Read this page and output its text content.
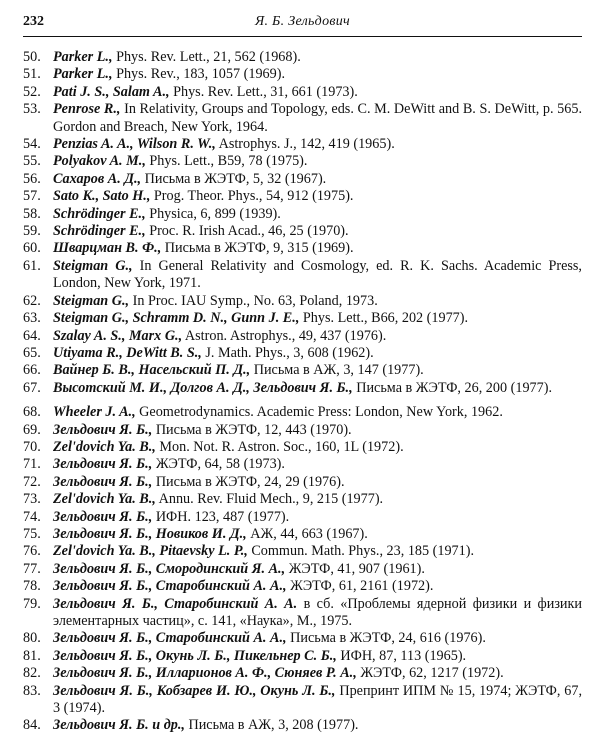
232	Я. Б. Зельдович
50. Parker L., Phys. Rev. Lett., 21, 562 (1968).
51. Parker L., Phys. Rev., 183, 1057 (1969).
52. Pati J. S., Salam A., Phys. Rev. Lett., 31, 661 (1973).
53. Penrose R., In Relativity, Groups and Topology, eds. C. M. DeWitt and B. S. DeWitt, p. 565. Gordon and Breach, New York, 1964.
54. Penzias A. A., Wilson R. W., Astrophys. J., 142, 419 (1965).
55. Polyakov A. M., Phys. Lett., B59, 78 (1975).
56. Сахаров А. Д., Письма в ЖЭТФ, 5, 32 (1967).
57. Sato K., Sato H., Prog. Theor. Phys., 54, 912 (1975).
58. Schrödinger E., Physica, 6, 899 (1939).
59. Schrödinger E., Proc. R. Irish Acad., 46, 25 (1970).
60. Шварцман В. Ф., Письма в ЖЭТФ, 9, 315 (1969).
61. Steigman G., In General Relativity and Cosmology, ed. R. K. Sachs. Academic Press, London, New York, 1971.
62. Steigman G., In Proc. IAU Symp., No. 63, Poland, 1973.
63. Steigman G., Schramm D. N., Gunn J. E., Phys. Lett., B66, 202 (1977).
64. Szalay A. S., Marx G., Astron. Astrophys., 49, 437 (1976).
65. Utiyama R., DeWitt B. S., J. Math. Phys., 3, 608 (1962).
66. Вайнер Б. В., Насельский П. Д., Письма в АЖ, 3, 147 (1977).
67. Высотский М. И., Долгов А. Д., Зельдович Я. Б., Письма в ЖЭТФ, 26, 200 (1977).
68. Wheeler J. A., Geometrodynamics. Academic Press: London, New York, 1962.
69. Зельдович Я. Б., Письма в ЖЭТФ, 12, 443 (1970).
70. Zel'dovich Ya. B., Mon. Not. R. Astron. Soc., 160, 1L (1972).
71. Зельдович Я. Б., ЖЭТФ, 64, 58 (1973).
72. Зельдович Я. Б., Письма в ЖЭТФ, 24, 29 (1976).
73. Zel'dovich Ya. B., Annu. Rev. Fluid Mech., 9, 215 (1977).
74. Зельдович Я. Б., ИФН. 123, 487 (1977).
75. Зельдович Я. Б., Новиков И. Д., АЖ, 44, 663 (1967).
76. Zel'dovich Ya. B., Pitaevsky L. P., Commun. Math. Phys., 23, 185 (1971).
77. Зельдович Я. Б., Смородинский Я. А., ЖЭТФ, 41, 907 (1961).
78. Зельдович Я. Б., Старобинский А. А., ЖЭТФ, 61, 2161 (1972).
79. Зельдович Я. Б., Старобинский А. А. в сб. «Проблемы ядерной физики и физики элементарных частиц», с. 141, «Наука», М., 1975.
80. Зельдович Я. Б., Старобинский А. А., Письма в ЖЭТФ, 24, 616 (1976).
81. Зельдович Я. Б., Окунь Л. Б., Пикельнер С. Б., ИФН, 87, 113 (1965).
82. Зельдович Я. Б., Илларионов А. Ф., Сюняев Р. А., ЖЭТФ, 62, 1217 (1972).
83. Зельдович Я. Б., Кобзарев И. Ю., Окунь Л. Б., Препринт ИПМ № 15, 1974; ЖЭТФ, 67, 3 (1974).
84. Зельдович Я. Б. и др., Письма в АЖ, 3, 208 (1977).
